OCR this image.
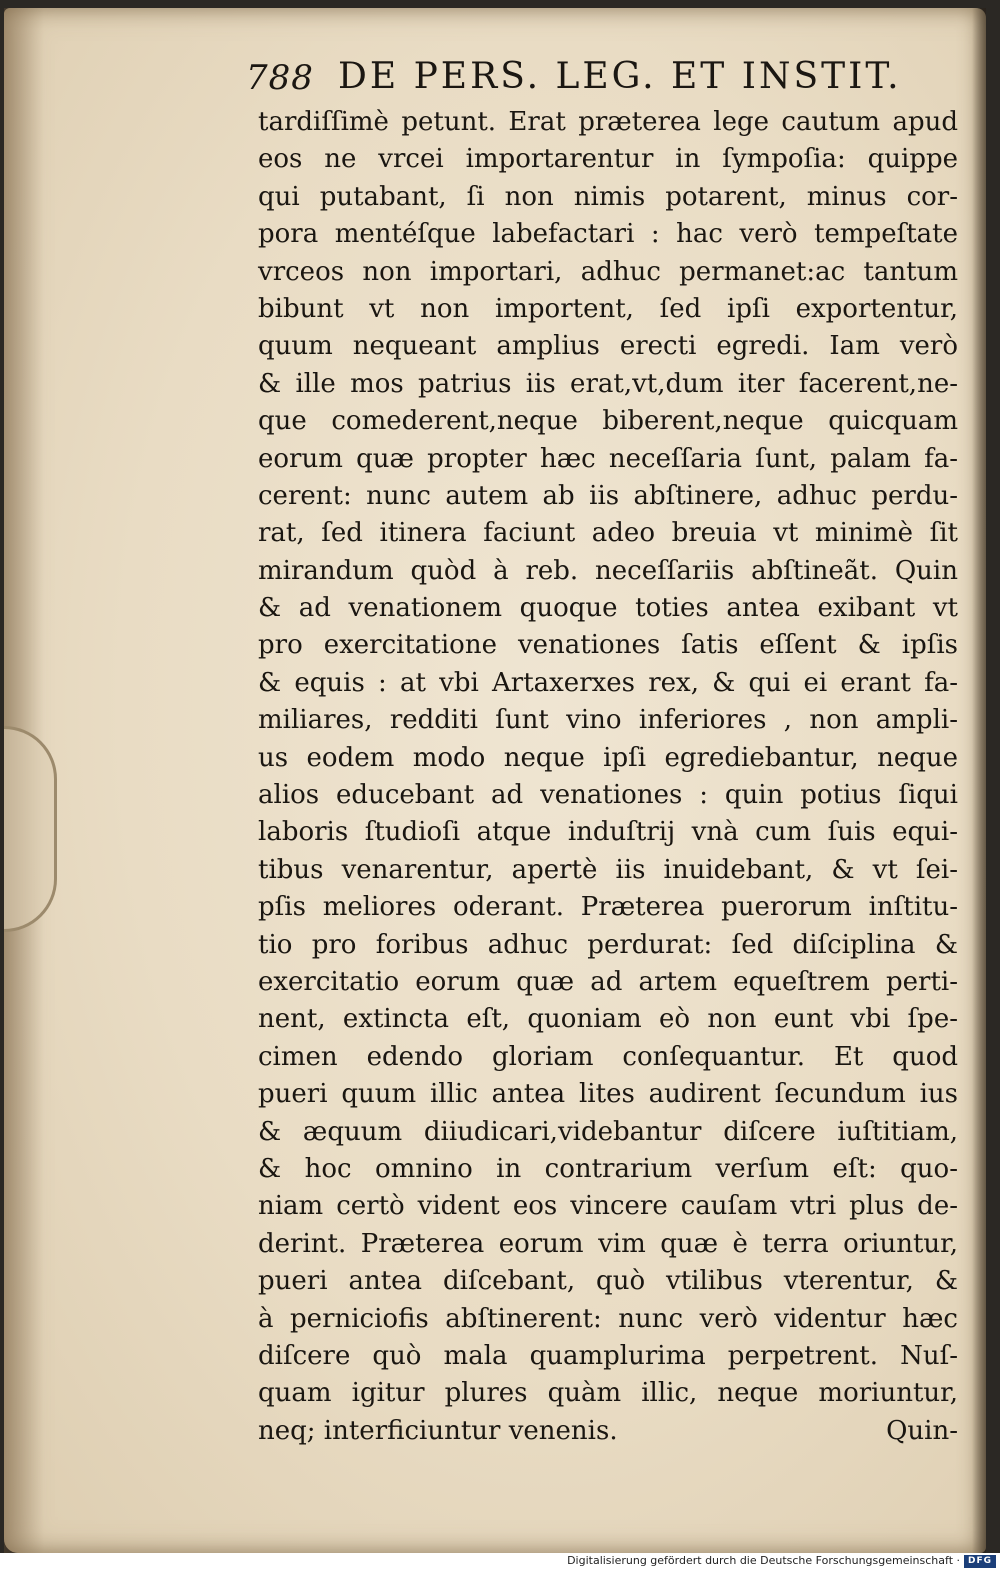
788 DE PERS. LEG. ET INSTIT.
tardiſſimè petunt. Erat præterea lege cautum apud
eos ne vrcei importarentur in ſympoſia: quippe
qui putabant, ſi non nimis potarent, minus cor-
pora mentéſque labefactari : hac verò tempeſtate
vrceos non importari, adhuc permanet:ac tantum
bibunt vt non importent, ſed ipſi exportentur,
quum nequeant amplius erecti egredi. Iam verò
& ille mos patrius iis erat,vt,dum iter facerent,ne-
que comederent,neque biberent,neque quicquam
eorum quæ propter hæc neceſſaria ſunt, palam fa-
cerent: nunc autem ab iis abſtinere, adhuc perdu-
rat, ſed itinera faciunt adeo breuia vt minimè ſit
mirandum quòd à reb. neceſſariis abſtineãt. Quin
& ad venationem quoque toties antea exibant vt
pro exercitatione venationes ſatis eſſent & ipſis
& equis : at vbi Artaxerxes rex, & qui ei erant fa-
miliares, redditi ſunt vino inferiores , non ampli-
us eodem modo neque ipſi egrediebantur, neque
alios educebant ad venationes : quin potius ſiqui
laboris ſtudioſi atque induſtrij vnà cum ſuis equi-
tibus venarentur, apertè iis inuidebant, & vt ſei-
pſis meliores oderant. Præterea puerorum inſtitu-
tio pro foribus adhuc perdurat: ſed diſciplina &
exercitatio eorum quæ ad artem equeſtrem perti-
nent, extincta eſt, quoniam eò non eunt vbi ſpe-
cimen edendo gloriam conſequantur. Et quod
pueri quum illic antea lites audirent ſecundum ius
& æquum diiudicari,videbantur diſcere iuſtitiam,
& hoc omnino in contrarium verſum eſt: quo-
niam certò vident eos vincere cauſam vtri plus de-
derint. Præterea eorum vim quæ è terra oriuntur,
pueri antea diſcebant, quò vtilibus vterentur, &
à perniciofis abſtinerent: nunc verò videntur hæc
diſcere quò mala quamplurima perpetrent. Nuſ-
quam igitur plures quàm illic, neque moriuntur,
neq; interficiuntur venenis.	Quin-
Digitalisierung gefördert durch die Deutsche Forschungsgemeinschaft · DFG
